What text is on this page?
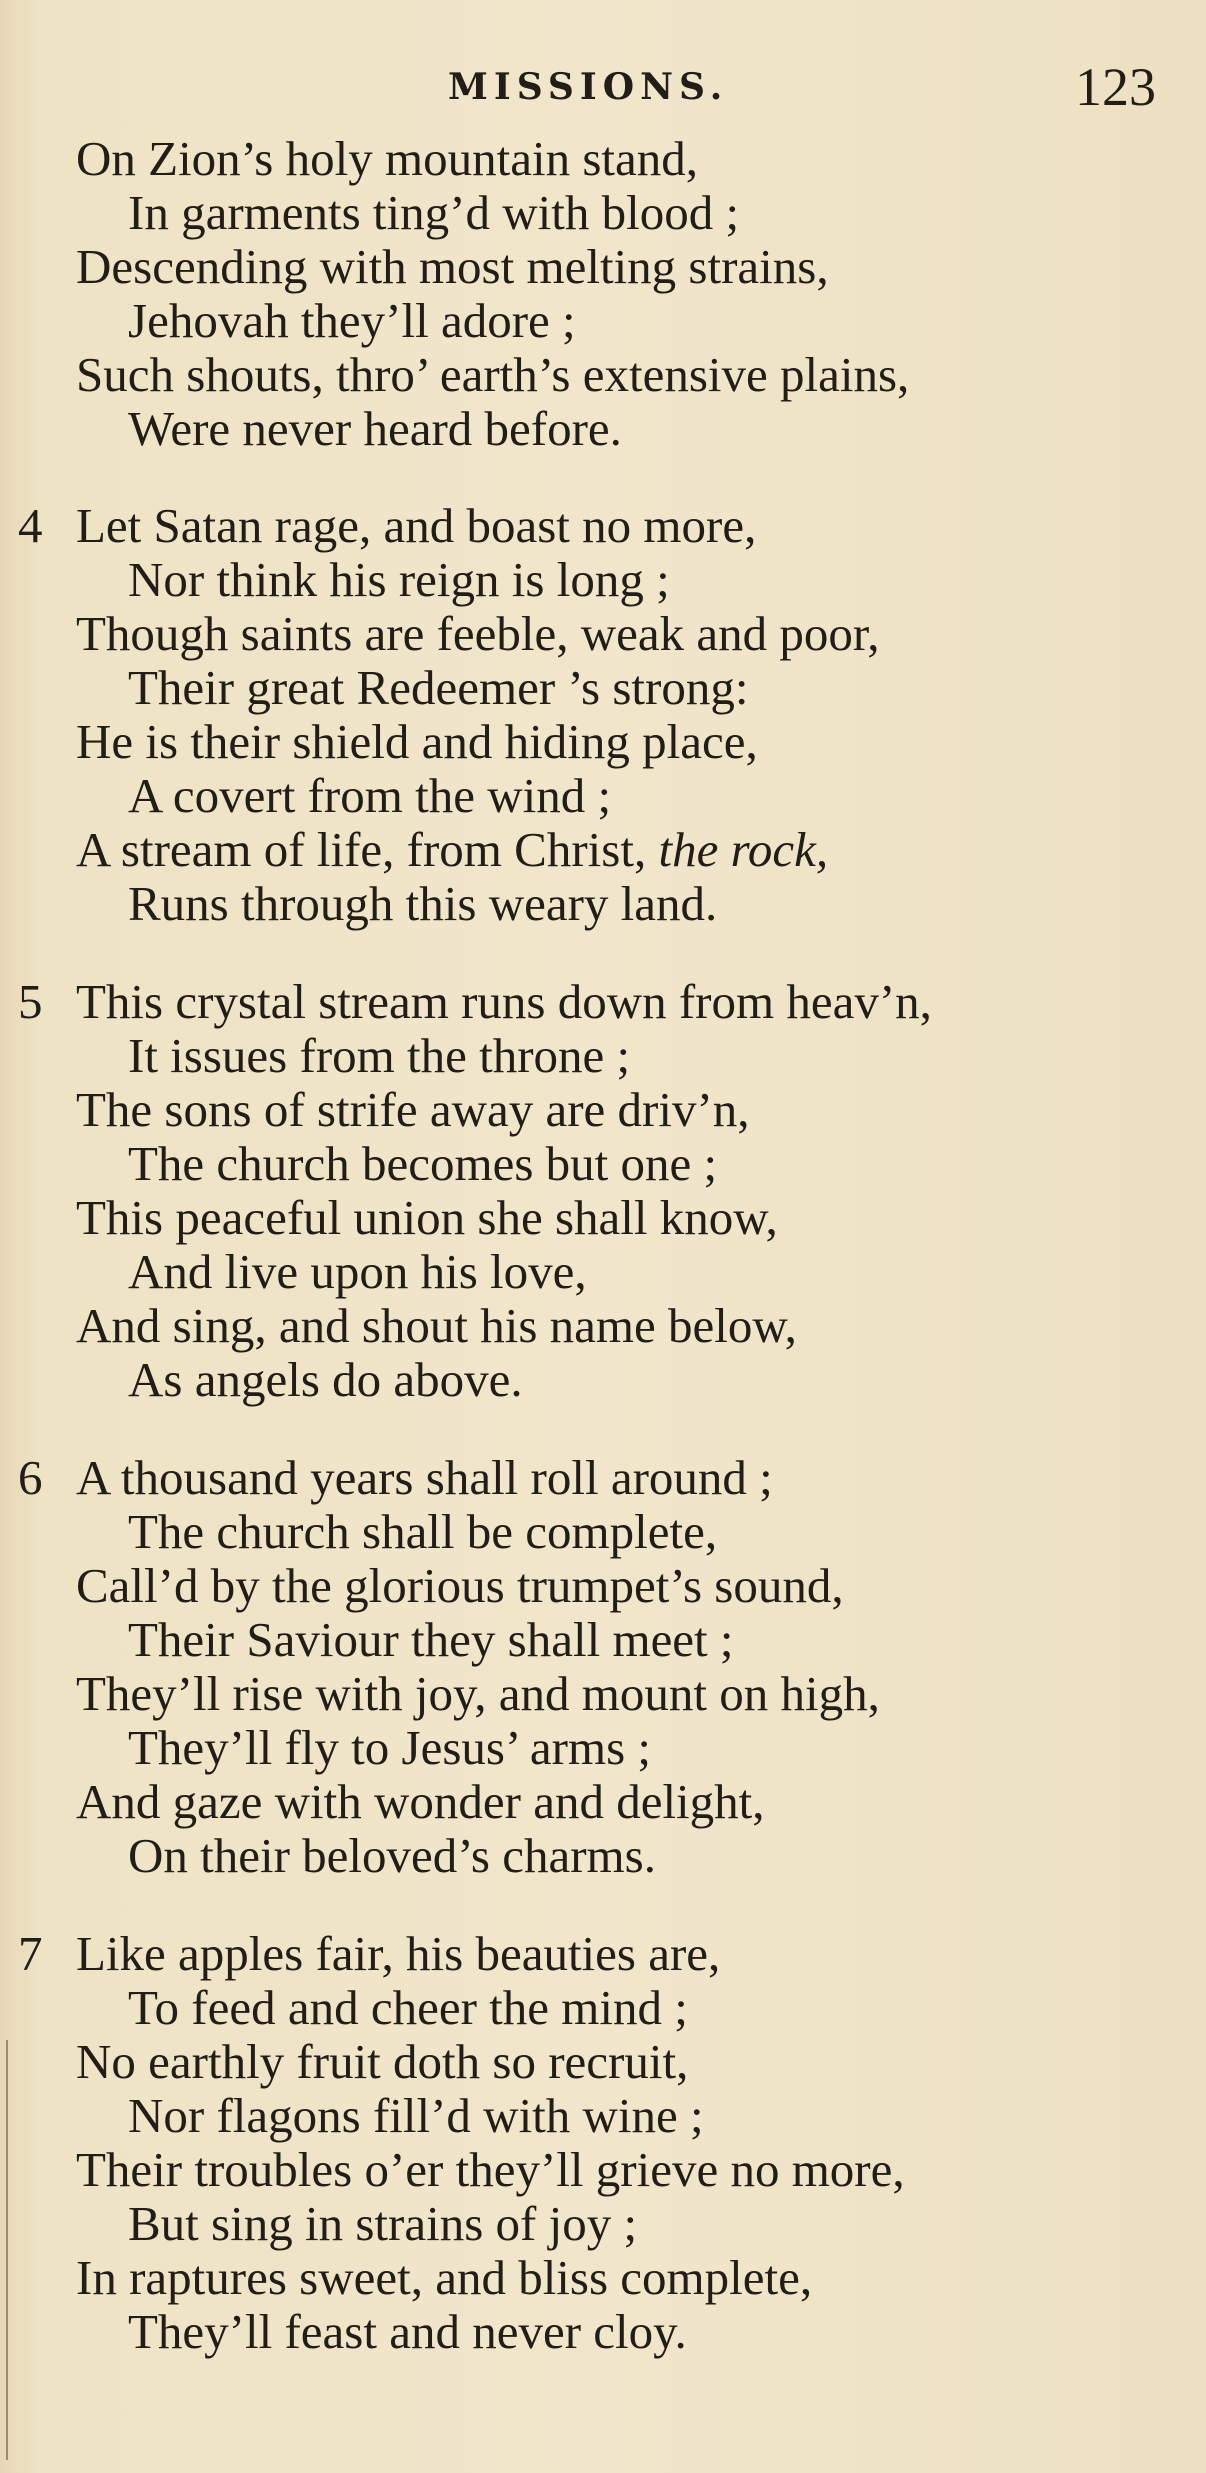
MISSIONS.	123
On Zion’s holy mountain stand,
In garments ting’d with blood ;
Descending with most melting strains,
Jehovah they’ll adore ;
Such shouts, thro’ earth’s extensive plains,
Were never heard before.
4 Let Satan rage, and boast no more,
Nor think his reign is long ;
Though saints are feeble, weak and poor,
Their great Redeemer ’s strong:
He is their shield and hiding place,
A covert from the wind ;
A stream of life, from Christ, the rock,
Runs through this weary land.
5 This crystal stream runs down from heav’n,
It issues from the throne ;
The sons of strife away are driv’n,
The church becomes but one ;
This peaceful union she shall know,
And live upon his love,
And sing, and shout his name below,
As angels do above.
6 A thousand years shall roll around ;
The church shall be complete,
Call’d by the glorious trumpet’s sound,
Their Saviour they shall meet ;
They’ll rise with joy, and mount on high,
They’ll fly to Jesus’ arms ;
And gaze with wonder and delight,
On their beloved’s charms.
7 Like apples fair, his beauties are,
To feed and cheer the mind ;
No earthly fruit doth so recruit,
Nor flagons fill’d with wine ;
Their troubles o’er they’ll grieve no more,
But sing in strains of joy ;
In raptures sweet, and bliss complete,
They’ll feast and never cloy.
